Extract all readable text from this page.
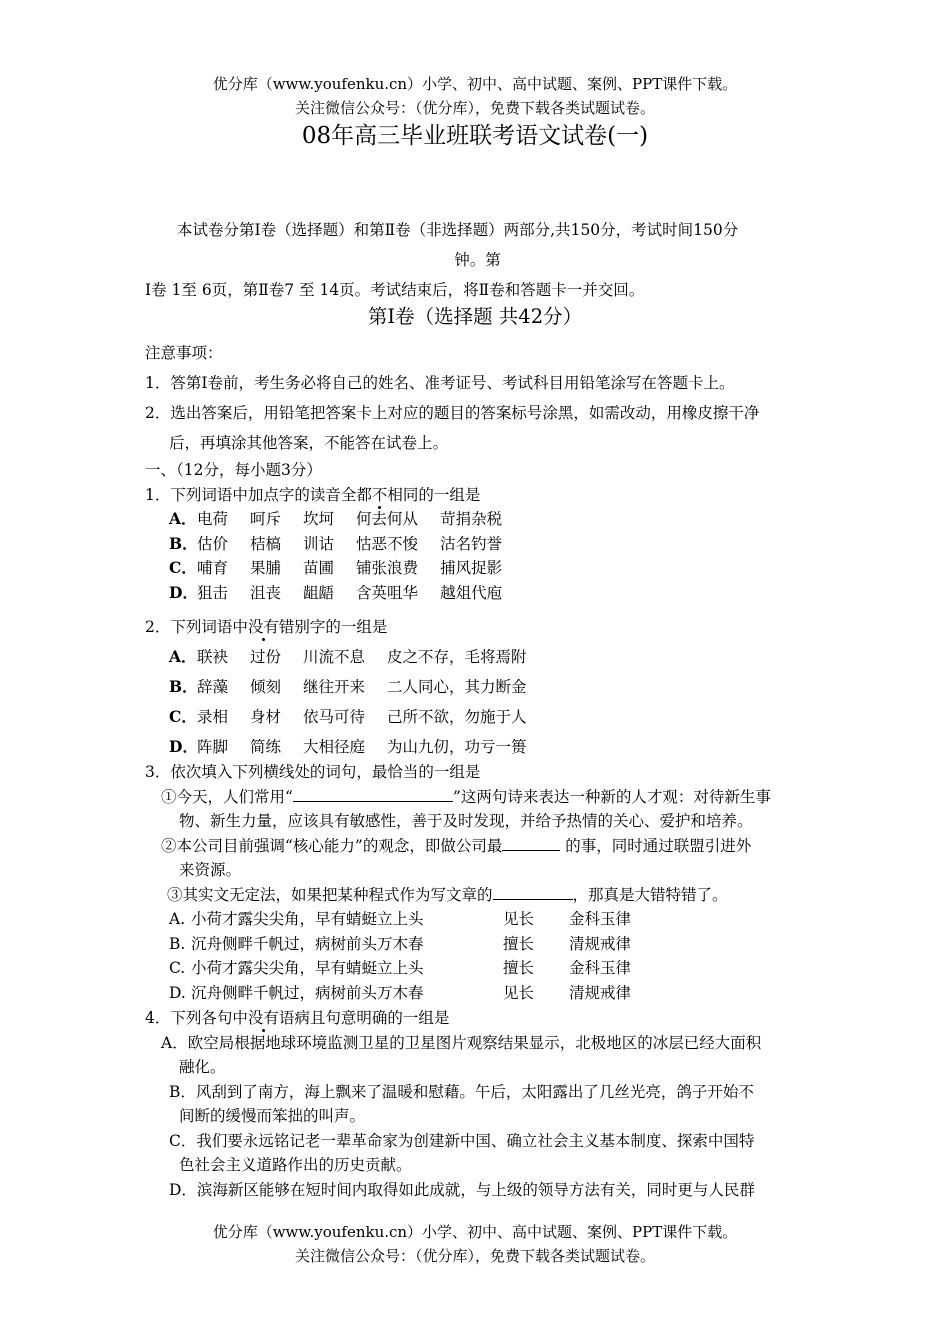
优分库（www.youfenku.cn）小学、初中、高中试题、案例、PPT课件下载。
关注微信公众号：（优分库），免费下载各类试题试卷。
08年高三毕业班联考语文试卷(一)
本试卷分第Ⅰ卷（选择题）和第Ⅱ卷（非选择题）两部分,共150分，考试时间150分
钟。第
Ⅰ卷 1至 6页，第Ⅱ卷7 至 14页。考试结束后，将Ⅱ卷和答题卡一并交回。
第Ⅰ卷（选择题 共42分）
注意事项：
1．答第Ⅰ卷前，考生务必将自己的姓名、准考证号、考试科目用铅笔涂写在答题卡上。
2．选出答案后，用铅笔把答案卡上对应的题目的答案标号涂黑，如需改动，用橡皮擦干净
后，再填涂其他答案，不能答在试卷上。
一、（12分，每小题3分）
1．下列词语中加点字的读音全都不相同的一组是
A． 电荷 呵斥 坎坷 何去何从 苛捐杂税
B． 估价 桔槁 训诂 怙恶不悛 沽名钓誉
C． 哺育 果脯 苗圃 铺张浪费 捕风捉影
D． 狙击 沮丧 龃龉 含英咀华 越俎代庖
2．下列词语中没有错别字的一组是
A． 联袂 过份 川流不息 皮之不存，毛将焉附
B． 辞藻 倾刻 继往开来 二人同心，其力断金
C． 录相 身材 依马可待 己所不欲，勿施于人
D． 阵脚 简练 大相径庭 为山九仞，功亏一篑
3．依次填入下列横线处的词句，最恰当的一组是
①今天，人们常用“	”这两句诗来表达一种新的人才观：对待新生事
物、新生力量，应该具有敏感性，善于及时发现，并给予热情的关心、爱护和培养。
②本公司目前强调“核心能力”的观念，即做公司最	的事，同时通过联盟引进外
来资源。
③其实文无定法，如果把某种程式作为写文章的	，那真是大错特错了。
A. 小荷才露尖尖角，早有蜻蜓立上头	见长	金科玉律
B. 沉舟侧畔千帆过，病树前头万木春	擅长	清规戒律
C. 小荷才露尖尖角，早有蜻蜓立上头	擅长	金科玉律
D. 沉舟侧畔千帆过，病树前头万木春	见长	清规戒律
4．下列各句中没有语病且句意明确的一组是
A．欧空局根据地球环境监测卫星的卫星图片观察结果显示，北极地区的冰层已经大面积
融化。
B．风刮到了南方，海上飘来了温暖和慰藉。午后，太阳露出了几丝光亮，鸽子开始不
间断的缓慢而笨拙的叫声。
C．我们要永远铭记老一辈革命家为创建新中国、确立社会主义基本制度、探索中国特
色社会主义道路作出的历史贡献。
D．滨海新区能够在短时间内取得如此成就，与上级的领导方法有关，同时更与人民群
优分库（www.youfenku.cn）小学、初中、高中试题、案例、PPT课件下载。
关注微信公众号：（优分库），免费下载各类试题试卷。
